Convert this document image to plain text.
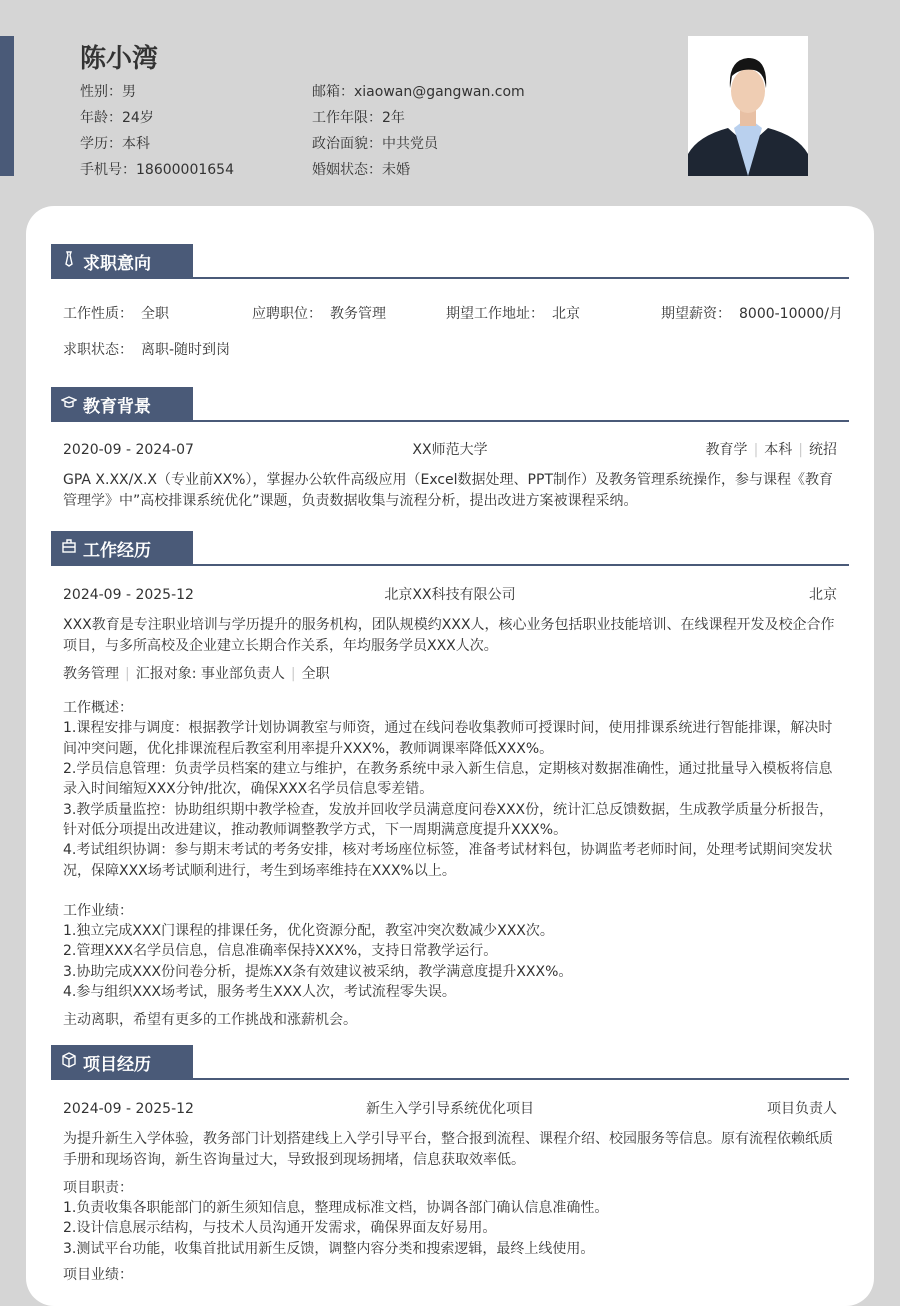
陈小湾
性别：男
年龄：24岁
学历：本科
手机号：18600001654
邮箱：xiaowan@gangwan.com
工作年限：2年
政治面貌：中共党员
婚姻状态：未婚
求职意向
工作性质： 全职	应聘职位： 教务管理	期望工作地址： 北京	期望薪资： 8000-10000/月
求职状态： 离职-随时到岗
教育背景
2020-09 - 2024-07	XX师范大学	教育学 | 本科 | 统招
GPA X.XX/X.X（专业前XX%），掌握办公软件高级应用（Excel数据处理、PPT制作）及教务管理系统操作，参与课程《教育管理学》中”高校排课系统优化”课题，负责数据收集与流程分析，提出改进方案被课程采纳。
工作经历
2024-09 - 2025-12	北京XX科技有限公司	北京
XXX教育是专注职业培训与学历提升的服务机构，团队规模约XXX人，核心业务包括职业技能培训、在线课程开发及校企合作项目，与多所高校及企业建立长期合作关系，年均服务学员XXX人次。
教务管理 | 汇报对象: 事业部负责人 | 全职
工作概述：
1.课程安排与调度：根据教学计划协调教室与师资，通过在线问卷收集教师可授课时间，使用排课系统进行智能排课，解决时间冲突问题，优化排课流程后教室利用率提升XXX%，教师调课率降低XXX%。
2.学员信息管理：负责学员档案的建立与维护，在教务系统中录入新生信息，定期核对数据准确性，通过批量导入模板将信息录入时间缩短XXX分钟/批次，确保XXX名学员信息零差错。
3.教学质量监控：协助组织期中教学检查，发放并回收学员满意度问卷XXX份，统计汇总反馈数据，生成教学质量分析报告，针对低分项提出改进建议，推动教师调整教学方式，下一周期满意度提升XXX%。
4.考试组织协调：参与期末考试的考务安排，核对考场座位标签，准备考试材料包，协调监考老师时间，处理考试期间突发状况，保障XXX场考试顺利进行，考生到场率维持在XXX%以上。
工作业绩：
1.独立完成XXX门课程的排课任务，优化资源分配，教室冲突次数减少XXX次。
2.管理XXX名学员信息，信息准确率保持XXX%，支持日常教学运行。
3.协助完成XXX份问卷分析，提炼XX条有效建议被采纳，教学满意度提升XXX%。
4.参与组织XXX场考试，服务考生XXX人次，考试流程零失误。
主动离职，希望有更多的工作挑战和涨薪机会。
项目经历
2024-09 - 2025-12	新生入学引导系统优化项目	项目负责人
为提升新生入学体验，教务部门计划搭建线上入学引导平台，整合报到流程、课程介绍、校园服务等信息。原有流程依赖纸质手册和现场咨询，新生咨询量过大，导致报到现场拥堵，信息获取效率低。
项目职责：
1.负责收集各职能部门的新生须知信息，整理成标准文档，协调各部门确认信息准确性。
2.设计信息展示结构，与技术人员沟通开发需求，确保界面友好易用。
3.测试平台功能，收集首批试用新生反馈，调整内容分类和搜索逻辑，最终上线使用。
项目业绩：
